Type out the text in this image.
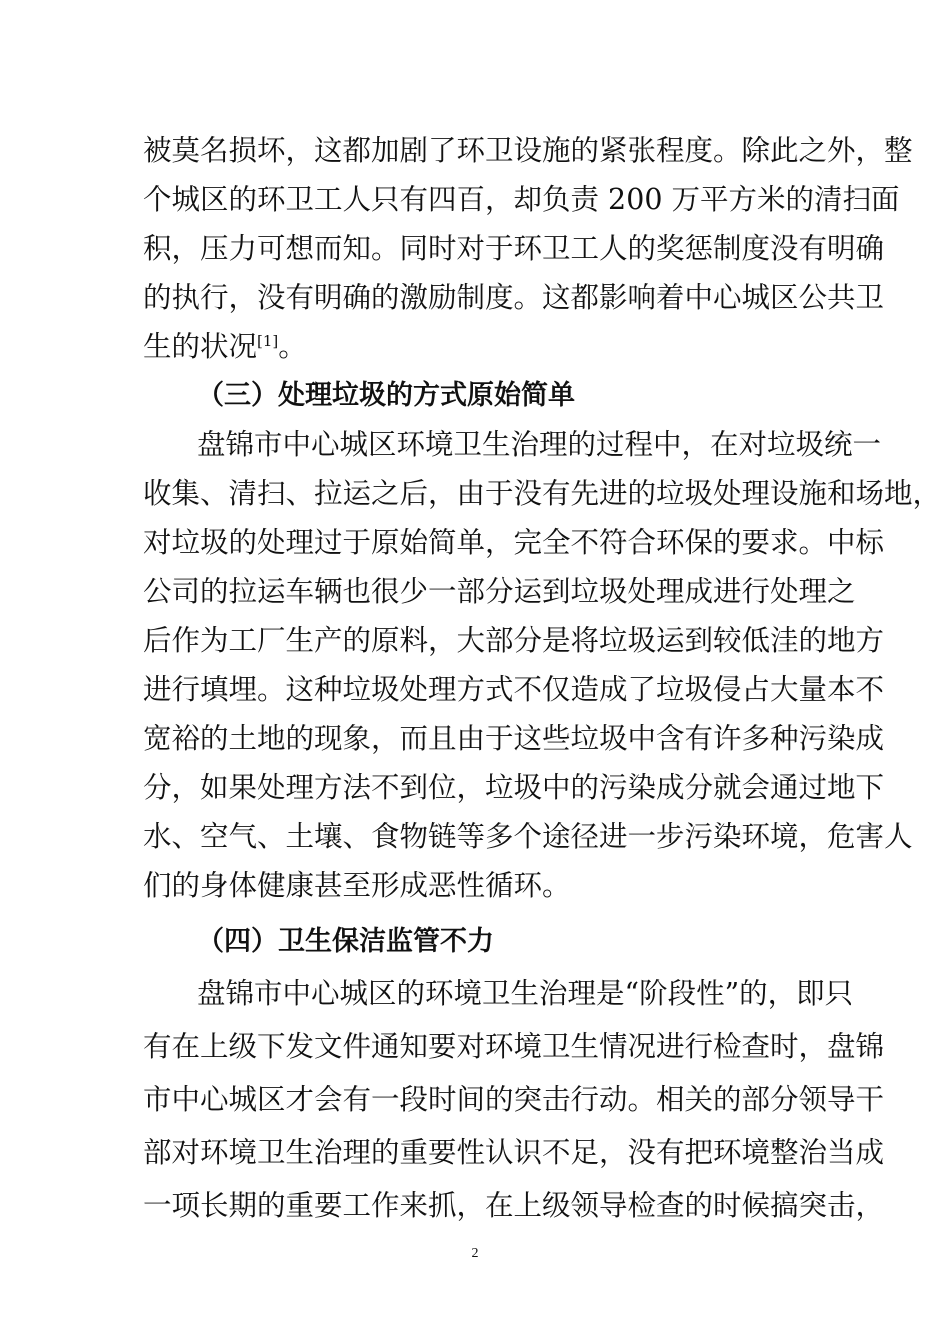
被莫名损坏，这都加剧了环卫设施的紧张程度。除此之外，整
个城区的环卫工人只有四百，却负责 200 万平方米的清扫面
积，压力可想而知。同时对于环卫工人的奖惩制度没有明确
的执行，没有明确的激励制度。这都影响着中心城区公共卫
生的状况[1]。
（三）处理垃圾的方式原始简单
盘锦市中心城区环境卫生治理的过程中，在对垃圾统一
收集、清扫、拉运之后，由于没有先进的垃圾处理设施和场地，
对垃圾的处理过于原始简单，完全不符合环保的要求。中标
公司的拉运车辆也很少一部分运到垃圾处理成进行处理之
后作为工厂生产的原料，大部分是将垃圾运到较低洼的地方
进行填埋。这种垃圾处理方式不仅造成了垃圾侵占大量本不
宽裕的土地的现象，而且由于这些垃圾中含有许多种污染成
分，如果处理方法不到位，垃圾中的污染成分就会通过地下
水、空气、土壤、食物链等多个途径进一步污染环境，危害人
们的身体健康甚至形成恶性循环。
（四）卫生保洁监管不力
盘锦市中心城区的环境卫生治理是“阶段性”的，即只
有在上级下发文件通知要对环境卫生情况进行检查时，盘锦
市中心城区才会有一段时间的突击行动。相关的部分领导干
部对环境卫生治理的重要性认识不足，没有把环境整治当成
一项长期的重要工作来抓，在上级领导检查的时候搞突击，
2
